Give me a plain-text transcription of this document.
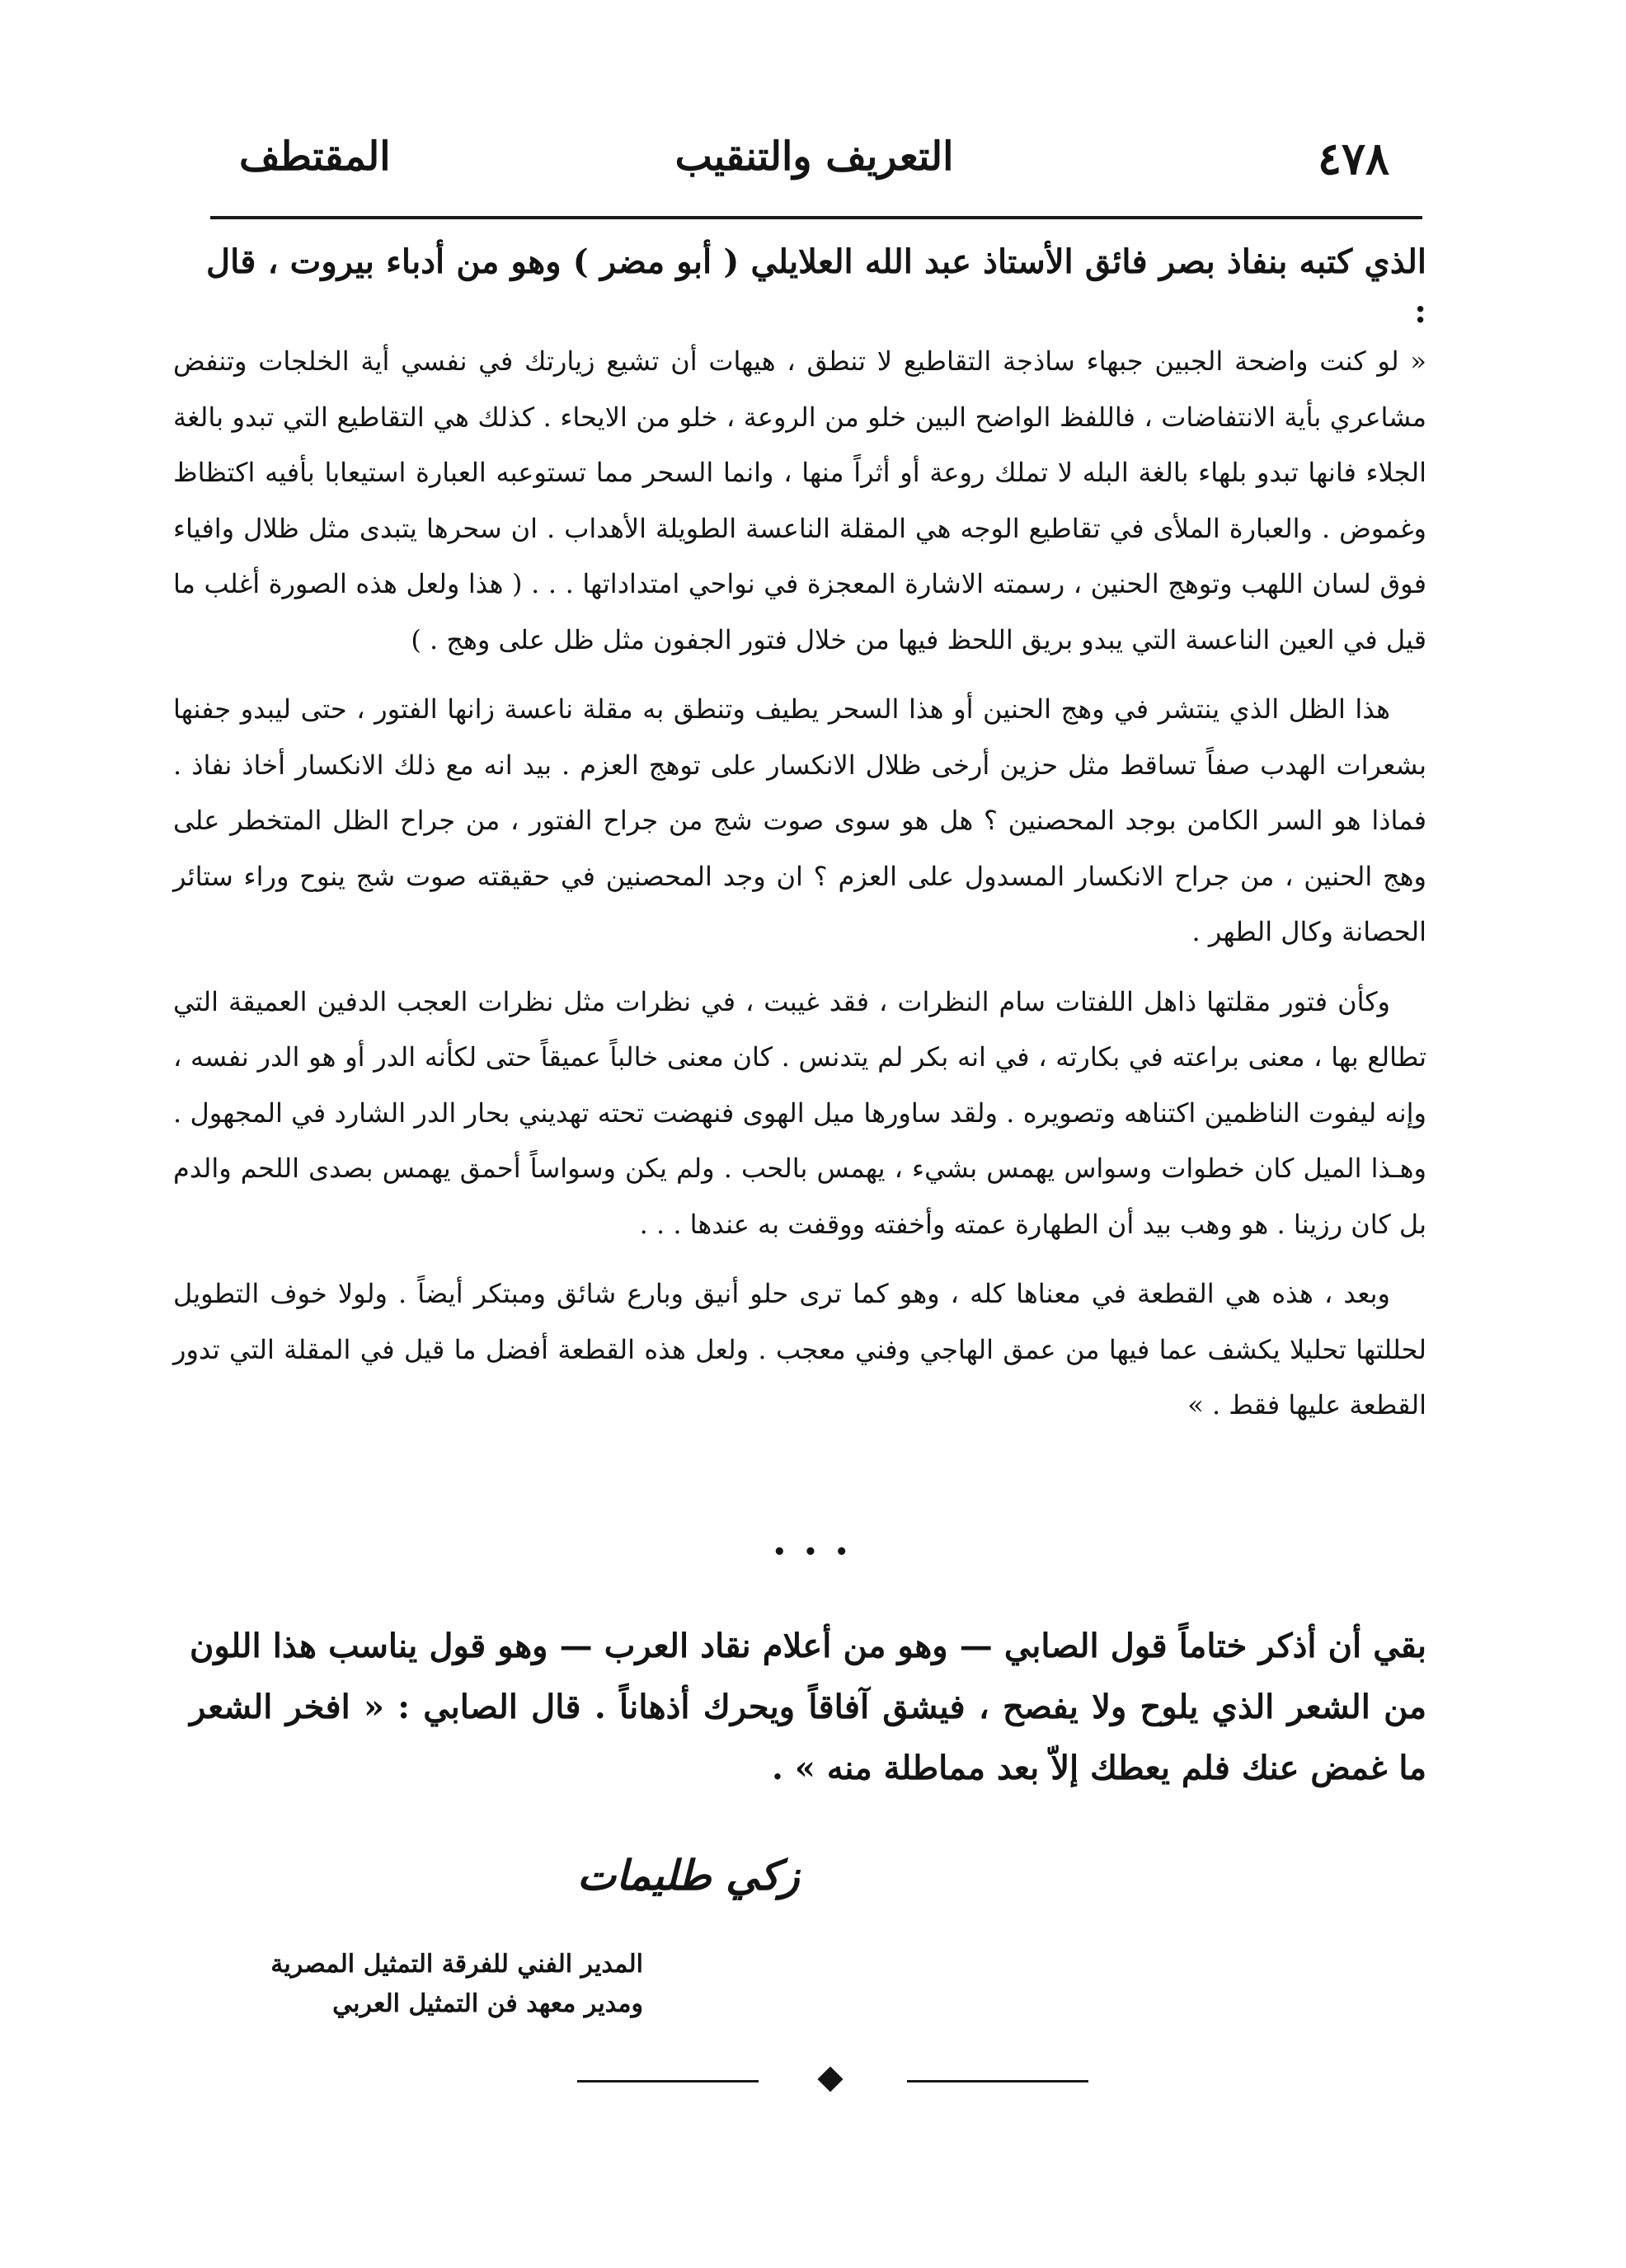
٤٧٨
التعريف والتنقيب
المقتطف
الذي كتبه بنفاذ بصر فائق الأستاذ عبد الله العلايلي ( أبو مضر ) وهو من أدباء بيروت ، قال :

« لو كنت واضحة الجبين جبهاء ساذجة التقاطيع لا تنطق ، هيهات أن تشيع زيارتك في نفسي أية الخلجات وتنفض مشاعري بأية الانتفاضات ، فاللفظ الواضح البين خلو من الروعة ، خلو من الايحاء . كذلك هي التقاطيع التي تبدو بالغة الجلاء فانها تبدو بلهاء بالغة البله لا تملك روعة أو أثراً منها ، وانما السحر مما تستوعبه العبارة استيعابا بأفيه اكتظاظ وغموض . والعبارة الملأى في تقاطيع الوجه هي المقلة الناعسة الطويلة الأهداب . ان سحرها يتبدى مثل ظلال وافياء فوق لسان اللهب وتوهج الحنين ، رسمته الاشارة المعجزة في نواحي امتداداتها . . . ( هذا ولعل هذه الصورة أغلب ما قيل في العين الناعسة التي يبدو بريق اللحظ فيها من خلال فتور الجفون مثل ظل على وهج . )

هذا الظل الذي ينتشر في وهج الحنين أو هذا السحر يطيف وتنطق به مقلة ناعسة زانها الفتور ، حتى ليبدو جفنها بشعرات الهدب صفاً تساقط مثل حزين أرخى ظلال الانكسار على توهج العزم . بيد انه مع ذلك الانكسار أخاذ نفاذ . فماذا هو السر الكامن بوجد المحصنين ؟ هل هو سوى صوت شج من جراح الفتور ، من جراح الظل المتخطر على وهج الحنين ، من جراح الانكسار المسدول على العزم ؟ ان وجد المحصنين في حقيقته صوت شج ينوح وراء ستائر الحصانة وكال الطهر .

وكأن فتور مقلتها ذاهل اللفتات سام النظرات ، فقد غيبت ، في نظرات مثل نظرات العجب الدفين العميقة التي تطالع بها ، معنى براعته في بكارته ، في انه بكر لم يتدنس . كان معنى خالباً عميقاً حتى لكأنه الدر أو هو الدر نفسه ، وإنه ليفوت الناظمين اكتناهه وتصويره . ولقد ساورها ميل الهوى فنهضت تحته تهديني بحار الدر الشارد في المجهول . وهـذا الميل كان خطوات وسواس يهمس بشيء ، يهمس بالحب . ولم يكن وسواساً أحمق يهمس بصدى اللحم والدم بل كان رزينا . هو وهب بيد أن الطهارة عمته وأخفته ووقفت به عندها . . .

وبعد ، هذه هي القطعة في معناها كله ، وهو كما ترى حلو أنيق وبارع شائق ومبتكر أيضاً . ولولا خوف التطويل لحللتها تحليلا يكشف عما فيها من عمق الهاجي وفني معجب . ولعل هذه القطعة أفضل ما قيل في المقلة التي تدور القطعة عليها فقط . »

• • •
بقي أن أذكر ختاماً قول الصابي — وهو من أعلام نقاد العرب — وهو قول يناسب هذا اللون من الشعر الذي يلوح ولا يفصح ، فيشق آفاقاً ويحرك أذهاناً . قال الصابي : « افخر الشعر ما غمض عنك فلم يعطك إلاّ بعد مماطلة منه » .
زكي طليمات
المدير الفني للفرقة التمثيل المصرية
ومدير معهد فن التمثيل العربي
